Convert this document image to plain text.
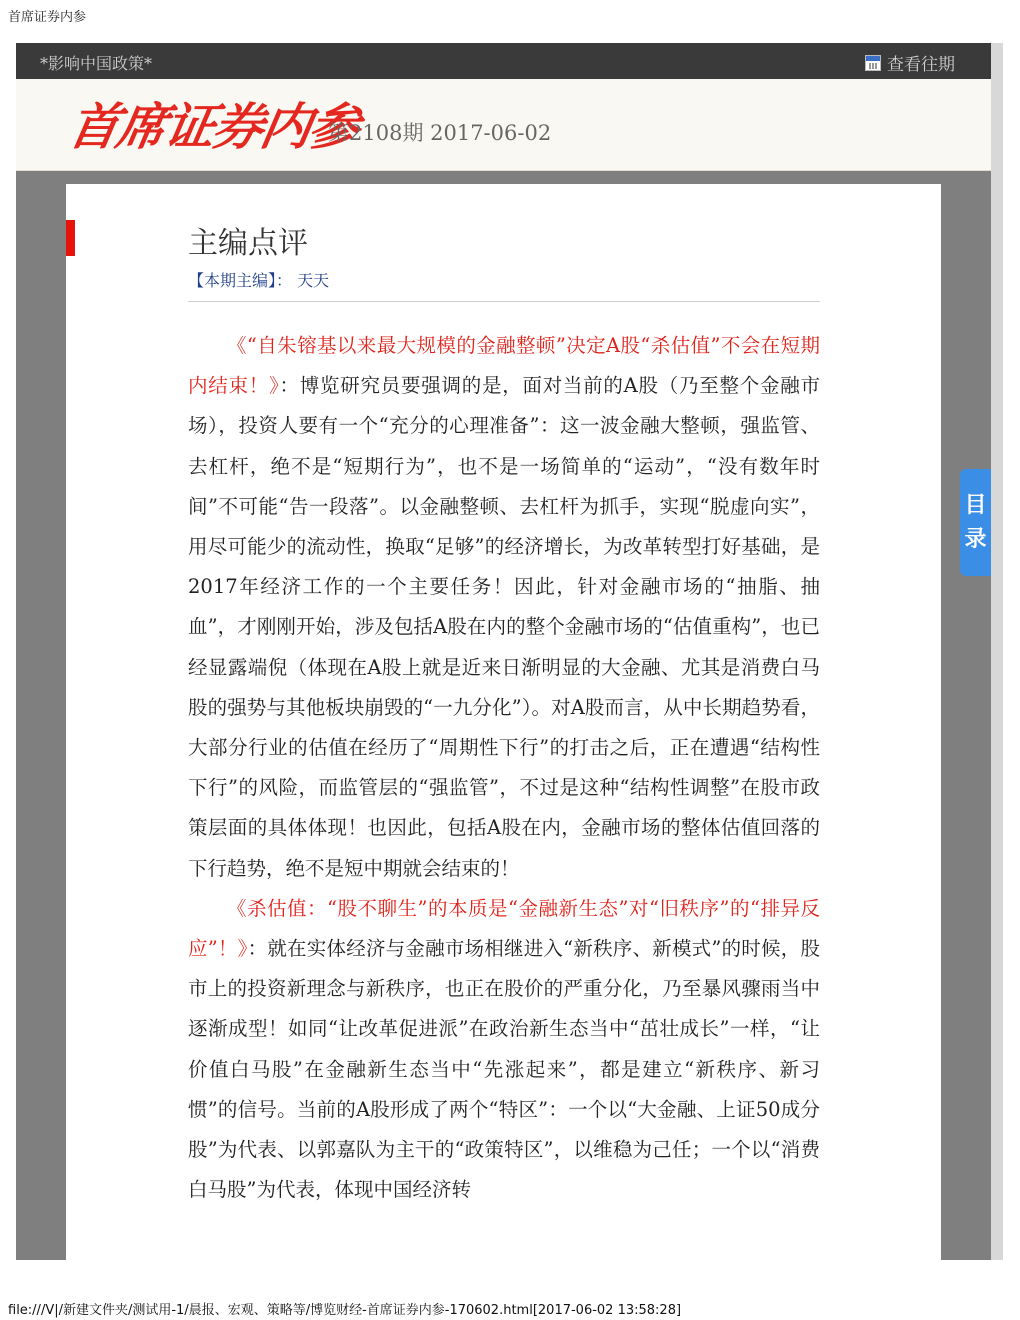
首席证券内参
*影响中国政策*	查看往期
首席证券内参
第2108期 2017-06-02
主编点评
【本期主编】： 天天

《“自朱镕基以来最大规模的金融整顿”决定A股“杀估值”不会在短期内结束！》：博览研究员要强调的是，面对当前的A股（乃至整个金融市场），投资人要有一个“充分的心理准备”：这一波金融大整顿，强监管、去杠杆，绝不是“短期行为”，也不是一场简单的“运动”，“没有数年时间”不可能“告一段落”。以金融整顿、去杠杆为抓手，实现“脱虚向实”，用尽可能少的流动性，换取“足够”的经济增长，为改革转型打好基础，是2017年经济工作的一个主要任务！因此，针对金融市场的“抽脂、抽血”，才刚刚开始，涉及包括A股在内的整个金融市场的“估值重构”，也已经显露端倪（体现在A股上就是近来日渐明显的大金融、尤其是消费白马股的强势与其他板块崩毁的“一九分化”）。对A股而言，从中长期趋势看，大部分行业的估值在经历了“周期性下行”的打击之后，正在遭遇“结构性下行”的风险，而监管层的“强监管”，不过是这种“结构性调整”在股市政策层面的具体体现！也因此，包括A股在内，金融市场的整体估值回落的下行趋势，绝不是短中期就会结束的！

《杀估值：“股不聊生”的本质是“金融新生态”对“旧秩序”的“排异反应”！》：就在实体经济与金融市场相继进入“新秩序、新模式”的时候，股市上的投资新理念与新秩序，也正在股价的严重分化，乃至暴风骤雨当中逐渐成型！如同“让改革促进派”在政治新生态当中“茁壮成长”一样，“让价值白马股”在金融新生态当中“先涨起来”，都是建立“新秩序、新习惯”的信号。当前的A股形成了两个“特区”：一个以“大金融、上证50成分股”为代表、以郭嘉队为主干的“政策特区”，以维稳为己任；一个以“消费白马股”为代表，体现中国经济转

目
录
file:///V|/新建文件夹/测试用-1/晨报、宏观、策略等/博览财经-首席证券内参-170602.html[2017-06-02 13:58:28]
